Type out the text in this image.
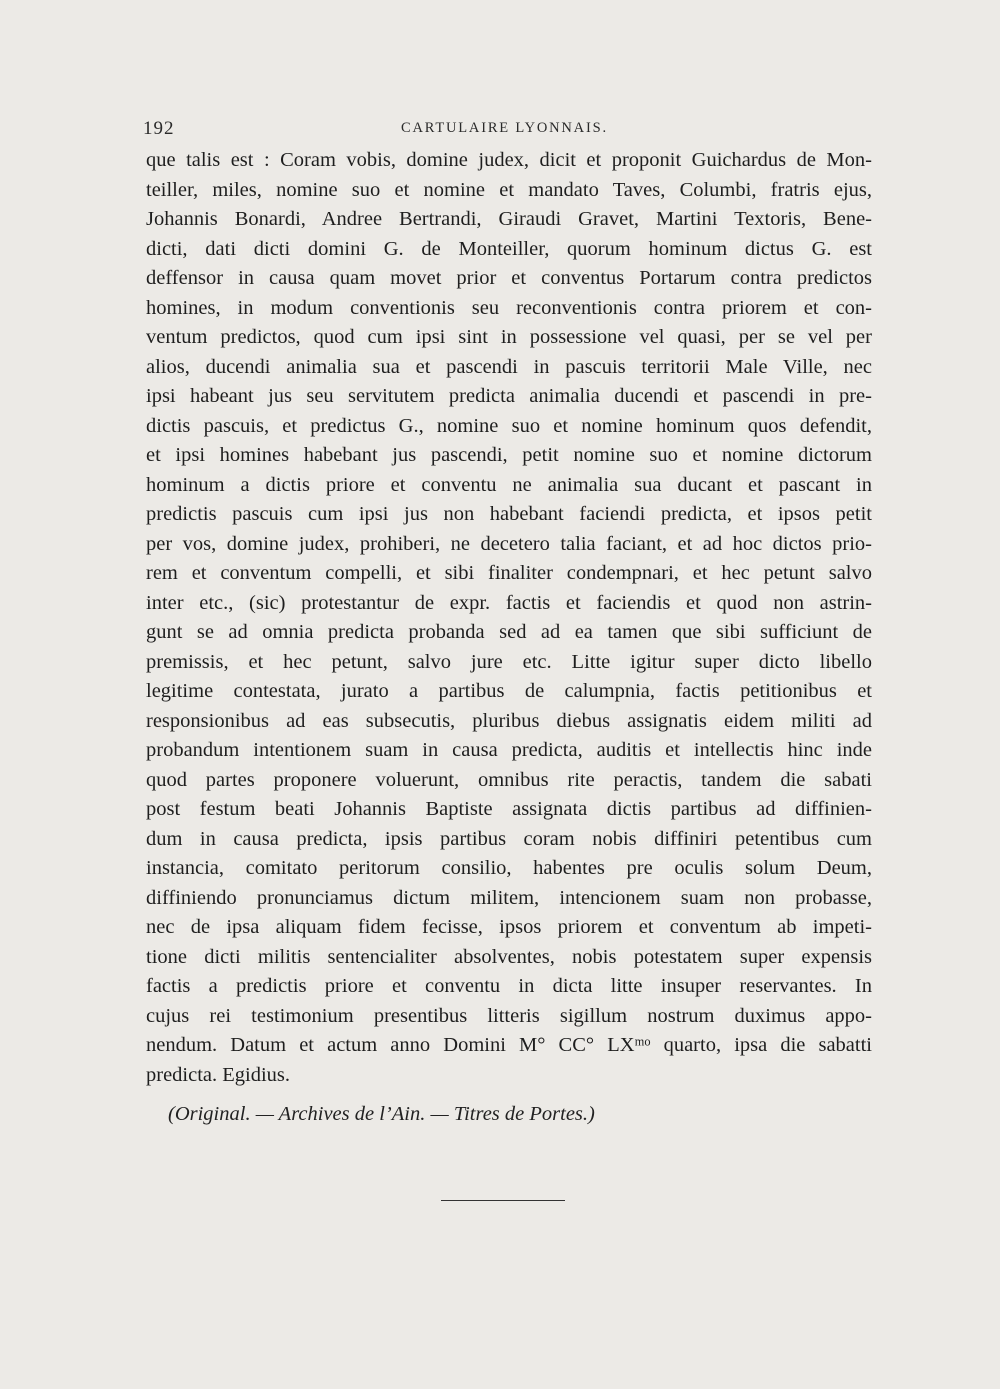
192	CARTULAIRE LYONNAIS.
que talis est : Coram vobis, domine judex, dicit et proponit Guichardus de Mon-
teiller, miles, nomine suo et nomine et mandato Taves, Columbi, fratris ejus,
Johannis Bonardi, Andree Bertrandi, Giraudi Gravet, Martini Textoris, Bene-
dicti, dati dicti domini G. de Monteiller, quorum hominum dictus G. est
deffensor in causa quam movet prior et conventus Portarum contra predictos
homines, in modum conventionis seu reconventionis contra priorem et con-
ventum predictos, quod cum ipsi sint in possessione vel quasi, per se vel per
alios, ducendi animalia sua et pascendi in pascuis territorii Male Ville, nec
ipsi habeant jus seu servitutem predicta animalia ducendi et pascendi in pre-
dictis pascuis, et predictus G., nomine suo et nomine hominum quos defendit,
et ipsi homines habebant jus pascendi, petit nomine suo et nomine dictorum
hominum a dictis priore et conventu ne animalia sua ducant et pascant in
predictis pascuis cum ipsi jus non habebant faciendi predicta, et ipsos petit
per vos, domine judex, prohiberi, ne decetero talia faciant, et ad hoc dictos prio-
rem et conventum compelli, et sibi finaliter condempnari, et hec petunt salvo
inter etc., (sic) protestantur de expr. factis et faciendis et quod non astrin-
gunt se ad omnia predicta probanda sed ad ea tamen que sibi sufficiunt de
premissis, et hec petunt, salvo jure etc. Litte igitur super dicto libello
legitime contestata, jurato a partibus de calumpnia, factis petitionibus et
responsionibus ad eas subsecutis, pluribus diebus assignatis eidem militi ad
probandum intentionem suam in causa predicta, auditis et intellectis hinc inde
quod partes proponere voluerunt, omnibus rite peractis, tandem die sabati
post festum beati Johannis Baptiste assignata dictis partibus ad diffinien-
dum in causa predicta, ipsis partibus coram nobis diffiniri petentibus cum
instancia, comitato peritorum consilio, habentes pre oculis solum Deum,
diffiniendo pronunciamus dictum militem, intencionem suam non probasse,
nec de ipsa aliquam fidem fecisse, ipsos priorem et conventum ab impeti-
tione dicti militis sentencialiter absolventes, nobis potestatem super expensis
factis a predictis priore et conventu in dicta litte insuper reservantes. In
cujus rei testimonium presentibus litteris sigillum nostrum duximus appo-
nendum. Datum et actum anno Domini M° CC° LXᵐᵒ quarto, ipsa die sabatti
predicta. Egidius.
(Original. — Archives de l’Ain. — Titres de Portes.)
